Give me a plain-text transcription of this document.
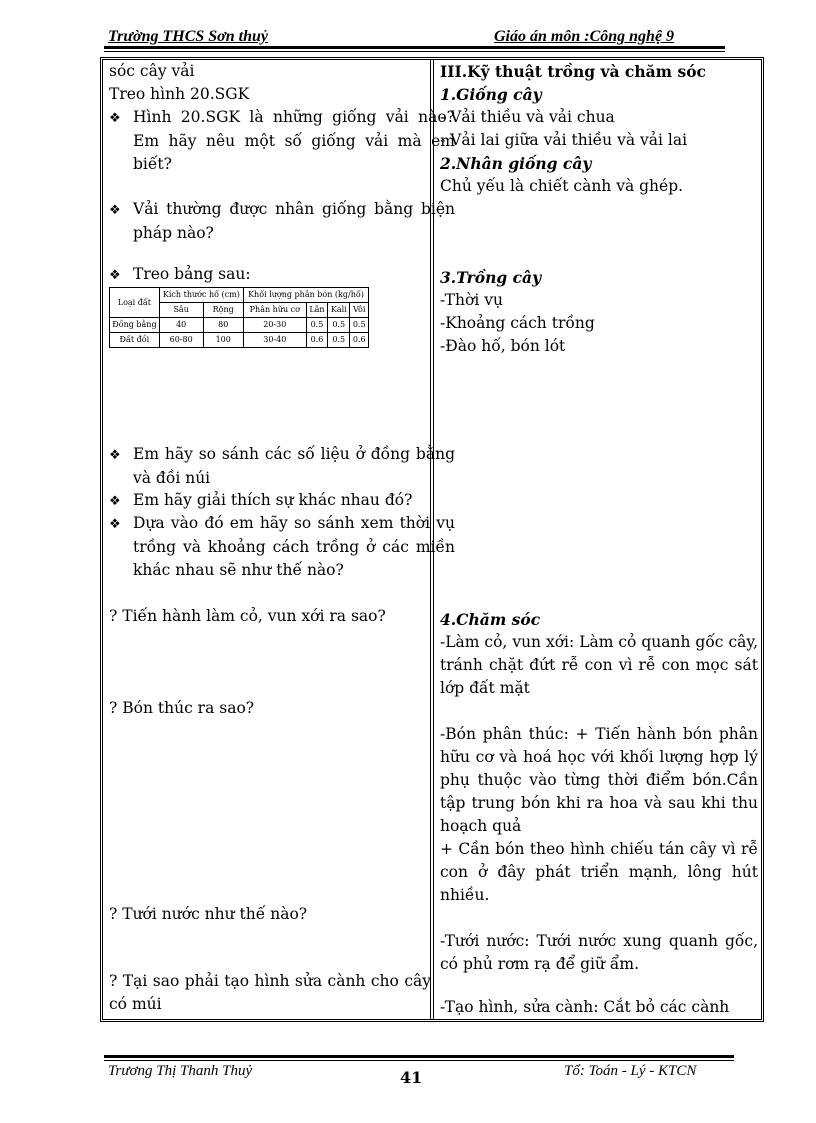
Trường THCS Sơn thuỷ	Giáo án môn :Công nghệ 9
sóc cây vải
Treo hình 20.SGK
❖ Hình 20.SGK là những giống vải nào? Em hãy nêu một số giống vải mà em biết?
❖ Vải thường được nhân giống bằng biện pháp nào?
❖ Treo bảng sau:
Loại đất	Kích thước hố (cm)		Khối lượng phân bón (kg/hố)			
	Sâu	Rộng	Phân hữu cơ	Lân	Kali	Vôi
Đồng bằng	40	80	20-30	0.5	0.5	0.5
Đất đồi	60-80	100	30-40	0.6	0.5	0.6
❖ Em hãy so sánh các số liệu ở đồng bằng và đồi núi
❖ Em hãy giải thích sự khác nhau đó?
❖ Dựa vào đó em hãy so sánh xem thời vụ trồng và khoảng cách trồng ở các miền khác nhau sẽ như thế nào?
? Tiến hành làm cỏ, vun xới ra sao?
? Bón thúc ra sao?
? Tưới nước như thế nào?
? Tại sao phải tạo hình sửa cành cho cây có múi
III.Kỹ thuật trồng và chăm sóc
1.Giống cây
- Vải thiều và vải chua
- Vải lai giữa vải thiều và vải lai
2.Nhân giống cây
Chủ yếu là chiết cành và ghép.
3.Trồng cây
-Thời vụ
-Khoảng cách trồng
-Đào hố, bón lót
4.Chăm sóc
-Làm cỏ, vun xới: Làm cỏ quanh gốc cây, tránh chặt đứt rễ con vì rễ con mọc sát lớp đất mặt
-Bón phân thúc: + Tiến hành bón phân hữu cơ và hoá học với khối lượng hợp lý phụ thuộc vào từng thời điểm bón.Cần tập trung bón khi ra hoa và sau khi thu hoạch quả
+ Cần bón theo hình chiếu tán cây vì rễ con ở đây phát triển mạnh, lông hút nhiều.
-Tưới nước: Tưới nước xung quanh gốc, có phủ rơm rạ để giữ ẩm.
-Tạo hình, sửa cành: Cắt bỏ các cành
Trương Thị Thanh Thuỷ	41	Tổ: Toán - Lý - KTCN
